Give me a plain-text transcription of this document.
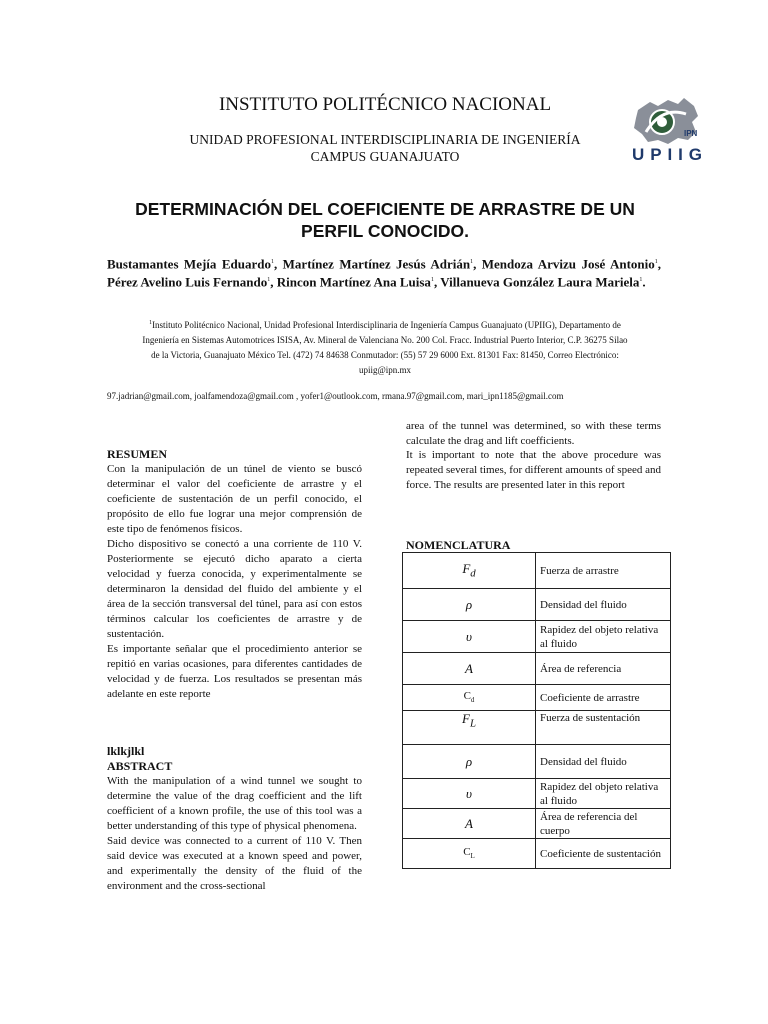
INSTITUTO POLITÉCNICO NACIONAL
UNIDAD PROFESIONAL INTERDISCIPLINARIA DE INGENIERÍA
CAMPUS GUANAJUATO
IPN
UPIIG
DETERMINACIÓN DEL COEFICIENTE DE ARRASTRE DE UN
PERFIL CONOCIDO.
Bustamantes Mejía Eduardo$^1$, Martínez Martínez Jesús Adrián$^1$, Mendoza Arvizu José Antonio$^1$, Pérez Avelino Luis Fernando$^1$, Rincon Martínez Ana Luisa$^1$, Villanueva González Laura Mariela$^1$.
$^1$Instituto Politécnico Nacional, Unidad Profesional Interdisciplinaria de Ingeniería Campus Guanajuato (UPIIG), Departamento de
Ingeniería en Sistemas Automotrices ISISA, Av. Mineral de Valenciana No. 200 Col. Fracc. Industrial Puerto Interior, C.P. 36275 Silao
de la Victoria, Guanajuato México Tel. (472) 74 84638 Conmutador: (55) 57 29 6000 Ext. 81301 Fax: 81450, Correo Electrónico:
upiig@ipn.mx
97.jadrian@gmail.com, joalfamendoza@gmail.com , yofer1@outlook.com, rmana.97@gmail.com, mari_ipn1185@gmail.com
RESUMEN

Con la manipulación de un túnel de viento se buscó determinar el valor del coeficiente de arrastre y el coeficiente de sustentación de un perfil conocido, el propósito de ello fue lograr una mejor comprensión de este tipo de fenómenos físicos.

Dicho dispositivo se conectó a una corriente de 110 V. Posteriormente se ejecutó dicho aparato a cierta velocidad y fuerza conocida, y experimentalmente se determinaron la densidad del fluido del ambiente y el área de la sección transversal del túnel, para así con estos términos calcular los coeficientes de arrastre y de sustentación.

Es importante señalar que el procedimiento anterior se repitió en varias ocasiones, para diferentes cantidades de velocidad y de fuerza. Los resultados se presentan más adelante en este reporte

lklkjlkl
ABSTRACT

With the manipulation of a wind tunnel we sought to determine the value of the drag coefficient and the lift coefficient of a known profile, the use of this tool was a better understanding of this type of physical phenomena.

Said device was connected to a current of 110 V. Then said device was executed at a known speed and power, and experimentally the density of the fluid of the environment and the cross-sectional

area of the tunnel was determined, so with these terms calculate the drag and lift coefficients.

It is important to note that the above procedure was repeated several times, for different amounts of speed and force. The results are presented later in this report

NOMENCLATURA
$F_d$	Fuerza de arrastre
ρ	Densidad del fluido
υ	Rapidez del objeto relativa al fluido
A	Área de referencia
$C_d$	Coeficiente de arrastre
$F_L$	Fuerza de sustentación
ρ	Densidad del fluido
υ	Rapidez del objeto relativa al fluido
A	Área de referencia del cuerpo
$C_L$	Coeficiente de sustentación
